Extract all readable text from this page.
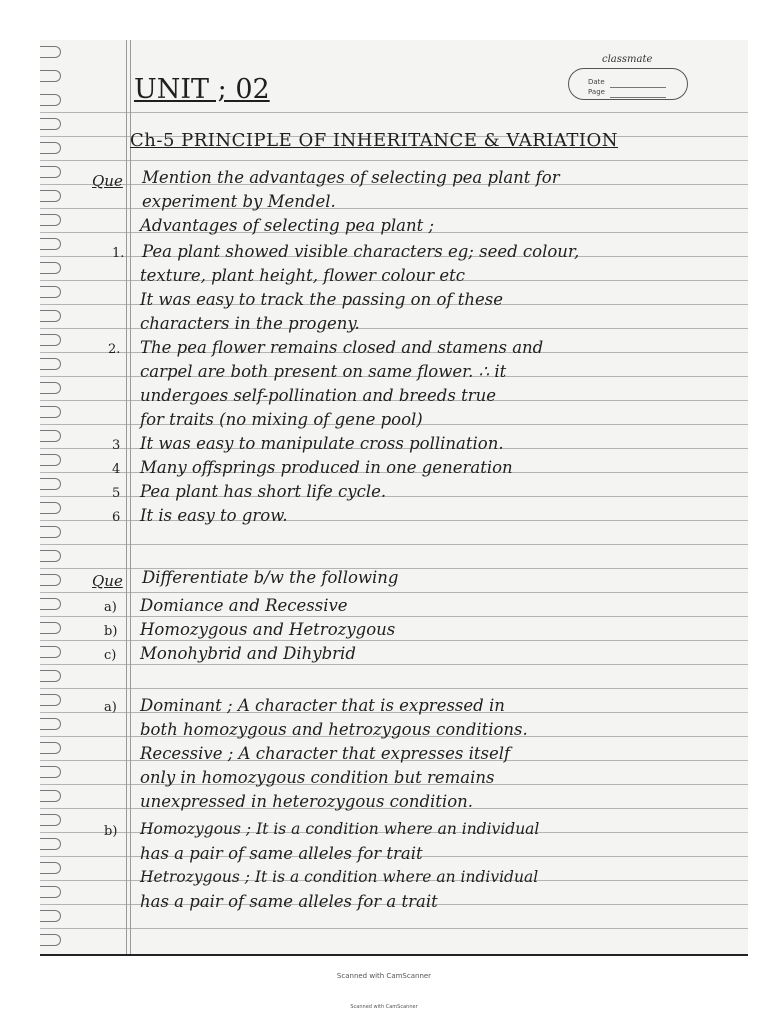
classmate
Date
Page
UNIT ; 02
Ch-5 PRINCIPLE OF INHERITANCE & VARIATION
Que Mention the advantages of selecting pea plant for
experiment by Mendel.
Advantages of selecting pea plant ;
1. Pea plant showed visible characters eg; seed colour,
texture, plant height, flower colour etc
It was easy to track the passing on of these
characters in the progeny.
2. The pea flower remains closed and stamens and
carpel are both present on same flower. ∴ it
undergoes self-pollination and breeds true
for traits (no mixing of gene pool)
3 It was easy to manipulate cross pollination.
4 Many offsprings produced in one generation
5 Pea plant has short life cycle.
6 It is easy to grow.
Que Differentiate b/w the following
a) Domiance and Recessive
b) Homozygous and Hetrozygous
c) Monohybrid and Dihybrid
a) Dominant ; A character that is expressed in
both homozygous and hetrozygous conditions.
Recessive ; A character that expresses itself
only in homozygous condition but remains
unexpressed in heterozygous condition.
b) Homozygous ; It is a condition where an individual
has a pair of same alleles for trait
Hetrozygous ; It is a condition where an individual
has a pair of same alleles for a trait
Scanned with CamScanner
Scanned with CamScanner
